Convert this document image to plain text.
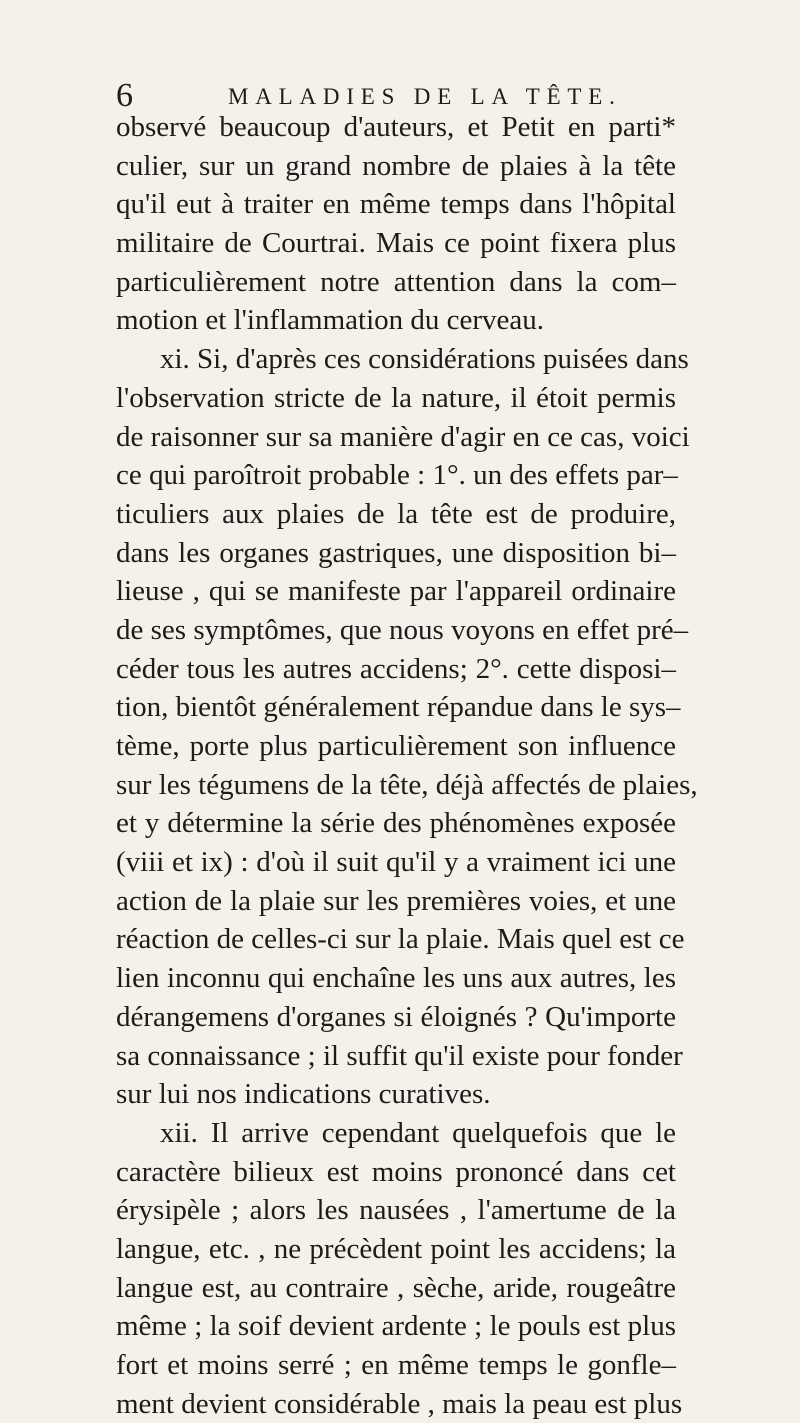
6	MALADIES DE LA TÊTE.
observé beaucoup d'auteurs, et Petit en parti*
culier, sur un grand nombre de plaies à la tête
qu'il eut à traiter en même temps dans l'hôpital
militaire de Courtrai. Mais ce point fixera plus
particulièrement notre attention dans la com–
motion et l'inflammation du cerveau.
xi. Si, d'après ces considérations puisées dans
l'observation stricte de la nature, il étoit permis
de raisonner sur sa manière d'agir en ce cas, voici
ce qui paroîtroit probable : 1°. un des effets par–
ticuliers aux plaies de la tête est de produire,
dans les organes gastriques, une disposition bi–
lieuse , qui se manifeste par l'appareil ordinaire
de ses symptômes, que nous voyons en effet pré–
céder tous les autres accidens; 2°. cette disposi–
tion, bientôt généralement répandue dans le sys–
tème, porte plus particulièrement son influence
sur les tégumens de la tête, déjà affectés de plaies,
et y détermine la série des phénomènes exposée
(viii et ix) : d'où il suit qu'il y a vraiment ici une
action de la plaie sur les premières voies, et une
réaction de celles-ci sur la plaie. Mais quel est ce
lien inconnu qui enchaîne les uns aux autres, les
dérangemens d'organes si éloignés ? Qu'importe
sa connaissance ; il suffit qu'il existe pour fonder
sur lui nos indications curatives.
xii. Il arrive cependant quelquefois que le
caractère bilieux est moins prononcé dans cet
érysipèle ; alors les nausées , l'amertume de la
langue, etc. , ne précèdent point les accidens; la
langue est, au contraire , sèche, aride, rougeâtre
même ; la soif devient ardente ; le pouls est plus
fort et moins serré ; en même temps le gonfle–
ment devient considérable , mais la peau est plus
